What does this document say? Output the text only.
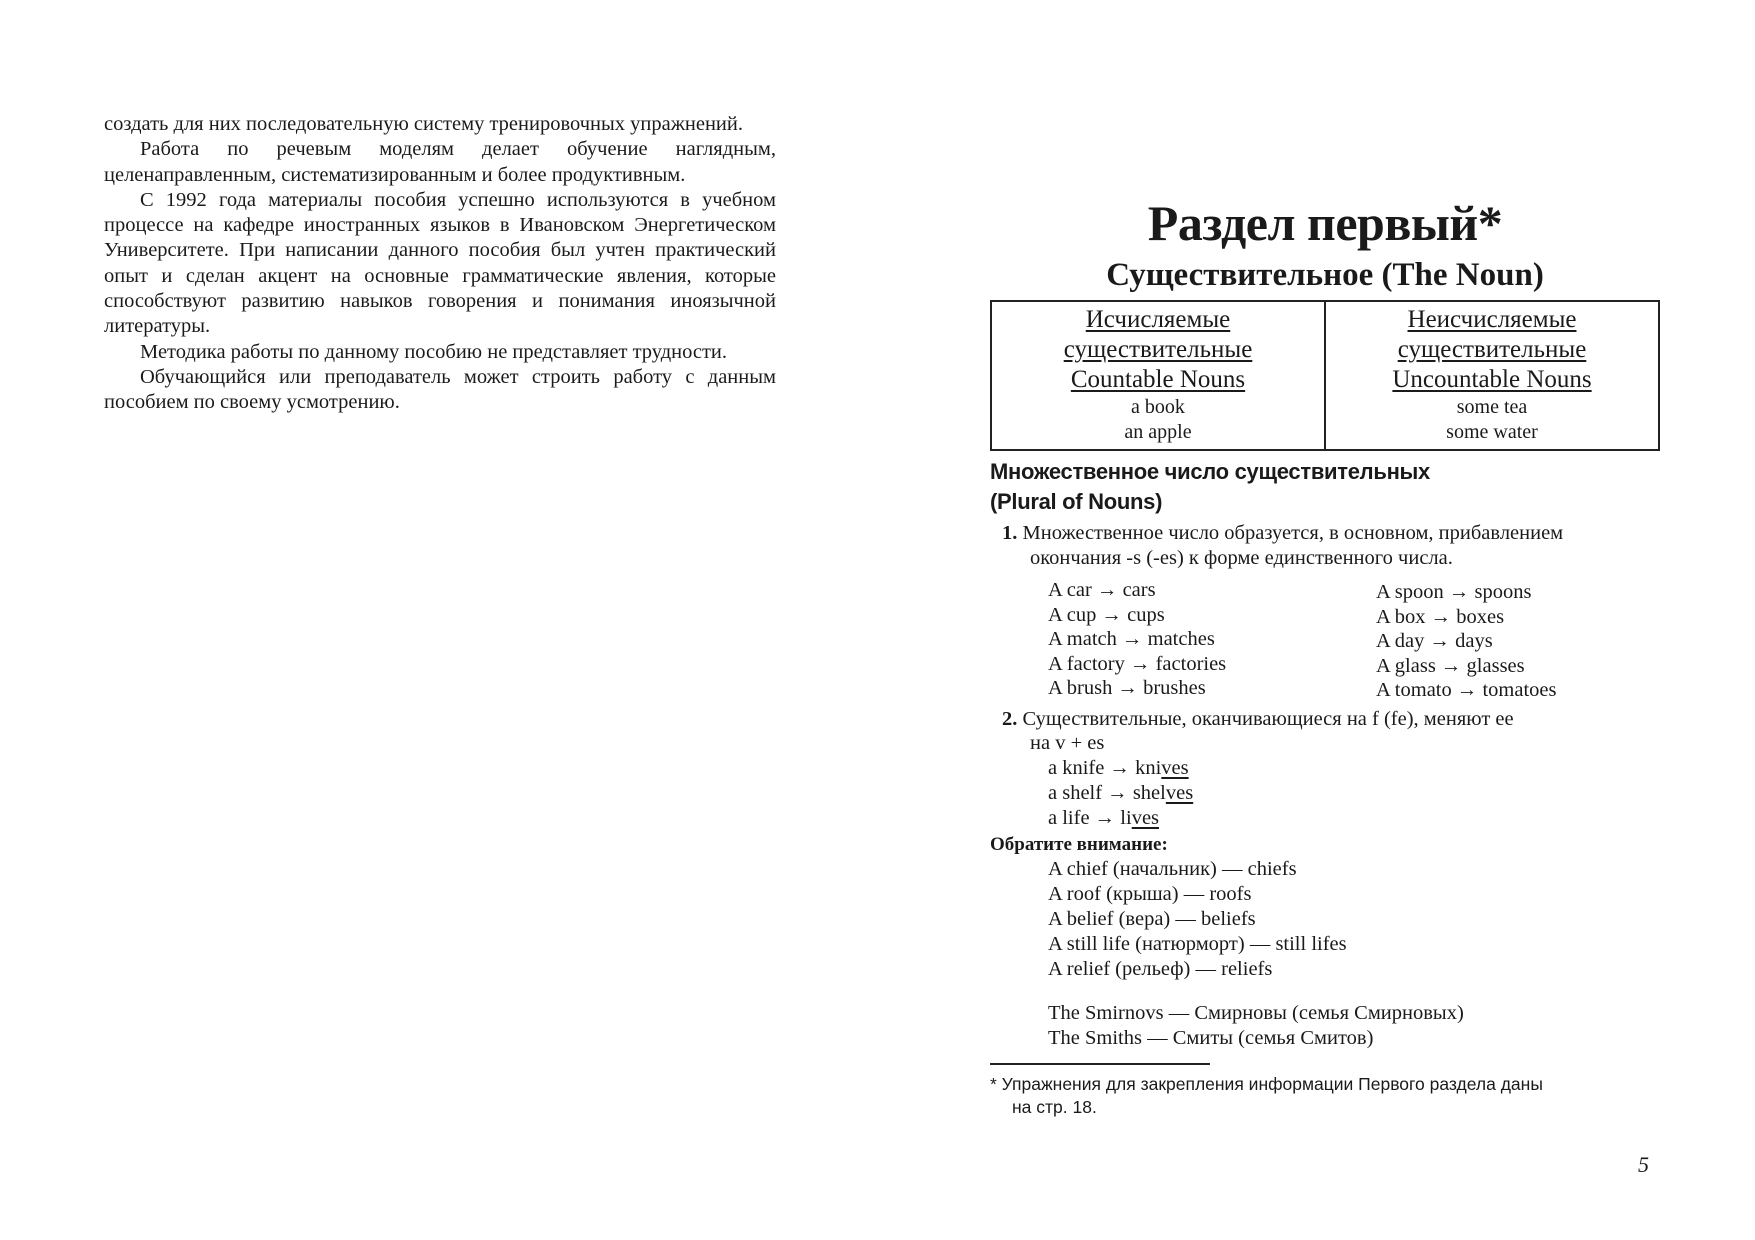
создать для них последовательную систему тренировочных упражнений.

Работа по речевым моделям делает обучение наглядным, целенаправленным, систематизированным и более продуктивным.

С 1992 года материалы пособия успешно используются в учебном процессе на кафедре иностранных языков в Ивановском Энергетическом Университете. При написании данного пособия был учтен практический опыт и сделан акцент на основные грамматические явления, которые способствуют развитию навыков говорения и понимания иноязычной литературы.

Методика работы по данному пособию не представляет трудности.

Обучающийся или преподаватель может строить работу с данным пособием по своему усмотрению.

Раздел первый*
Существительное (The Noun)
Исчисляемые
существительные
Countable Nouns
a book
an apple

Неисчисляемые
существительные
Uncountable Nouns
some tea
some water
Множественное число существительных
(Plural of Nouns)
1. Множественное число образуется, в основном, прибавлением
окончания -s (-es) к форме единственного числа.
A car → cars
A cup → cups
A match → matches
A factory → factories
A brush → brushes
A spoon → spoons
A box → boxes
A day → days
A glass → glasses
A tomato → tomatoes
2. Существительные, оканчивающиеся на f (fe), меняют ее
на v + es
a knife → knives
a shelf → shelves
a life → lives
Обратите внимание:
A chief (начальник) — chiefs
A roof (крыша) — roofs
A belief (вера) — beliefs
A still life (натюрморт) — still lifes
A relief (рельеф) — reliefs
The Smirnovs — Смирновы (семья Смирновых)
The Smiths — Смиты (семья Смитов)
* Упражнения для закрепления информации Первого раздела даны
на стр. 18.
5
